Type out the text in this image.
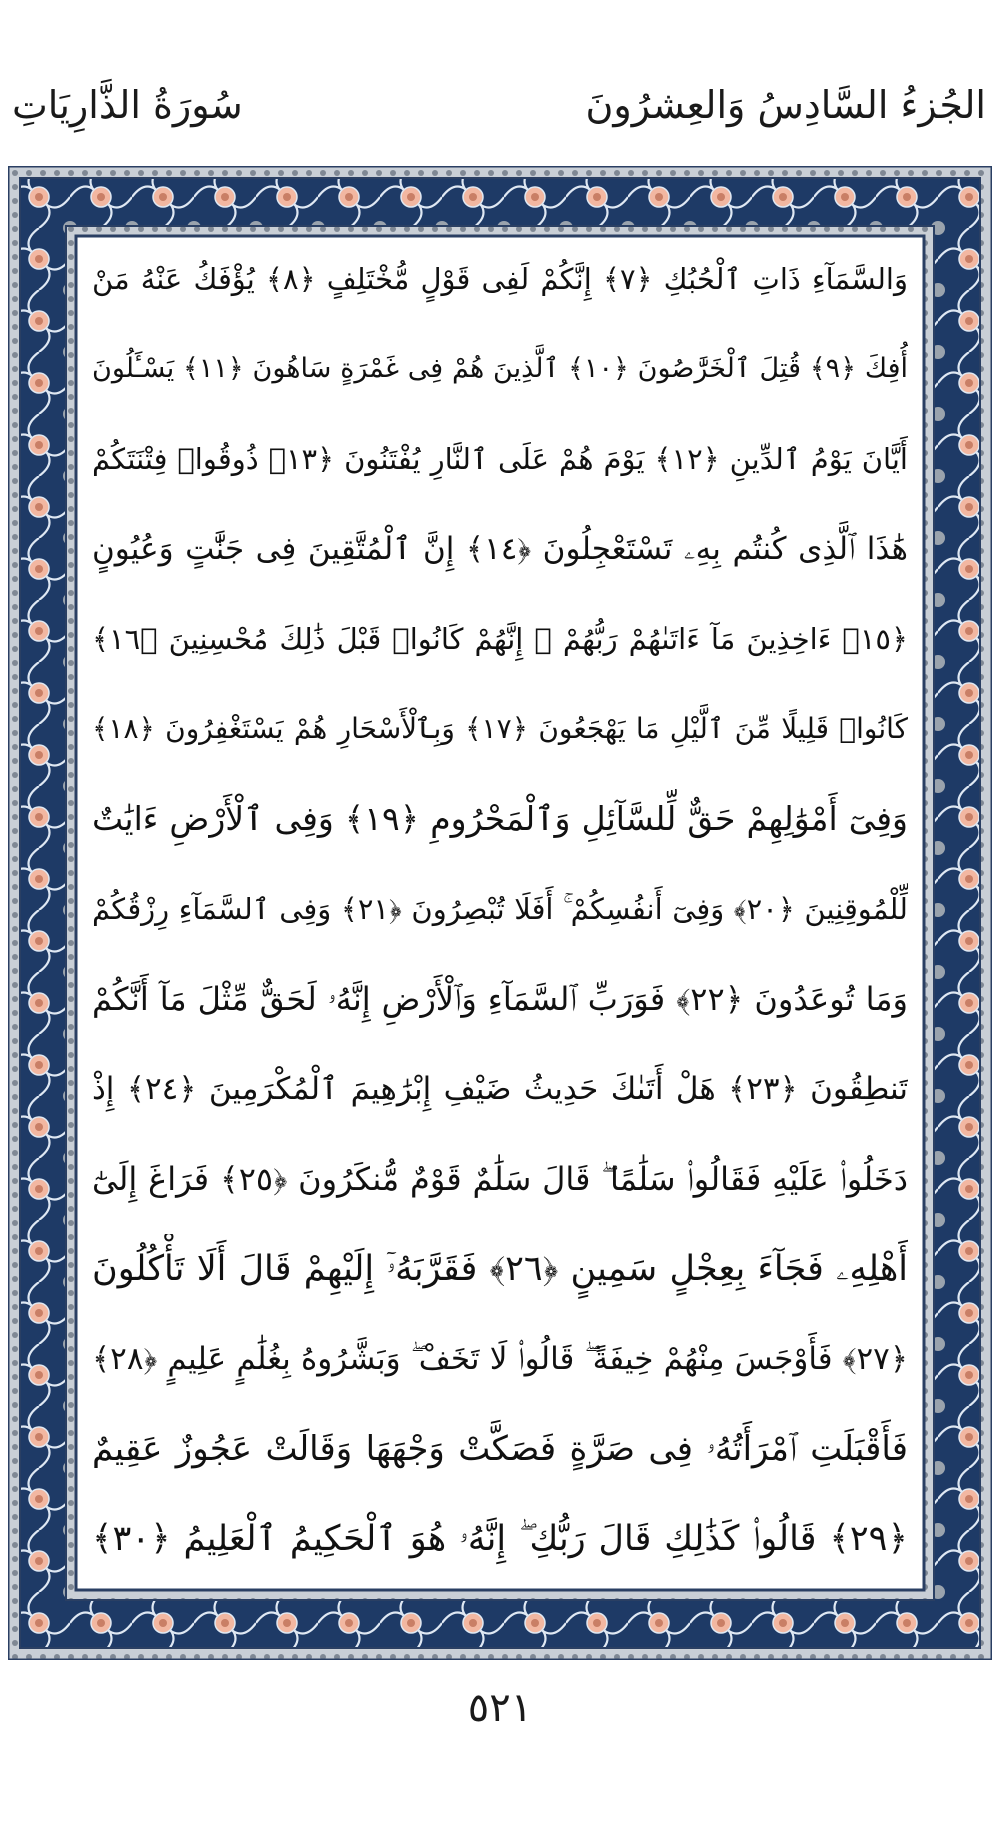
الجُزءُ السَّادِسُ وَالعِشرُونَ
سُورَةُ الذَّارِيَاتِ
وَالسَّمَآءِ ذَاتِ ٱلْحُبُكِ ﴿٧﴾ إِنَّكُمْ لَفِى قَوْلٍ مُّخْتَلِفٍ ﴿٨﴾ يُؤْفَكُ عَنْهُ مَنْ
أُفِكَ ﴿٩﴾ قُتِلَ ٱلْخَرَّٰصُونَ ﴿١٠﴾ ٱلَّذِينَ هُمْ فِى غَمْرَةٍ سَاهُونَ ﴿١١﴾ يَسْـَٔلُونَ
أَيَّانَ يَوْمُ ٱلدِّينِ ﴿١٢﴾ يَوْمَ هُمْ عَلَى ٱلنَّارِ يُفْتَنُونَ ﴿١٣﴾ ذُوقُوا۟ فِتْنَتَكُمْ
هَٰذَا ٱلَّذِى كُنتُم بِهِۦ تَسْتَعْجِلُونَ ﴿١٤﴾ إِنَّ ٱلْمُتَّقِينَ فِى جَنَّٰتٍ وَعُيُونٍ
﴿١٥﴾ ءَاخِذِينَ مَآ ءَاتَىٰهُمْ رَبُّهُمْ ۚ إِنَّهُمْ كَانُوا۟ قَبْلَ ذَٰلِكَ مُحْسِنِينَ ﴿١٦﴾
كَانُوا۟ قَلِيلًا مِّنَ ٱلَّيْلِ مَا يَهْجَعُونَ ﴿١٧﴾ وَبِٱلْأَسْحَارِ هُمْ يَسْتَغْفِرُونَ ﴿١٨﴾
وَفِىٓ أَمْوَٰلِهِمْ حَقٌّ لِّلسَّآئِلِ وَٱلْمَحْرُومِ ﴿١٩﴾ وَفِى ٱلْأَرْضِ ءَايَٰتٌ
لِّلْمُوقِنِينَ ﴿٢٠﴾ وَفِىٓ أَنفُسِكُمْ ۚ أَفَلَا تُبْصِرُونَ ﴿٢١﴾ وَفِى ٱلسَّمَآءِ رِزْقُكُمْ
وَمَا تُوعَدُونَ ﴿٢٢﴾ فَوَرَبِّ ٱلسَّمَآءِ وَٱلْأَرْضِ إِنَّهُۥ لَحَقٌّ مِّثْلَ مَآ أَنَّكُمْ
تَنطِقُونَ ﴿٢٣﴾ هَلْ أَتَىٰكَ حَدِيثُ ضَيْفِ إِبْرَٰهِيمَ ٱلْمُكْرَمِينَ ﴿٢٤﴾ إِذْ
دَخَلُوا۟ عَلَيْهِ فَقَالُوا۟ سَلَٰمًا ۖ قَالَ سَلَٰمٌ قَوْمٌ مُّنكَرُونَ ﴿٢٥﴾ فَرَاغَ إِلَىٰٓ
أَهْلِهِۦ فَجَآءَ بِعِجْلٍ سَمِينٍ ﴿٢٦﴾ فَقَرَّبَهُۥٓ إِلَيْهِمْ قَالَ أَلَا تَأْكُلُونَ
﴿٢٧﴾ فَأَوْجَسَ مِنْهُمْ خِيفَةً ۖ قَالُوا۟ لَا تَخَفْ ۖ وَبَشَّرُوهُ بِغُلَٰمٍ عَلِيمٍ ﴿٢٨﴾
فَأَقْبَلَتِ ٱمْرَأَتُهُۥ فِى صَرَّةٍ فَصَكَّتْ وَجْهَهَا وَقَالَتْ عَجُوزٌ عَقِيمٌ
﴿٢٩﴾ قَالُوا۟ كَذَٰلِكِ قَالَ رَبُّكِ ۖ إِنَّهُۥ هُوَ ٱلْحَكِيمُ ٱلْعَلِيمُ ﴿٣٠﴾
٥٢١
